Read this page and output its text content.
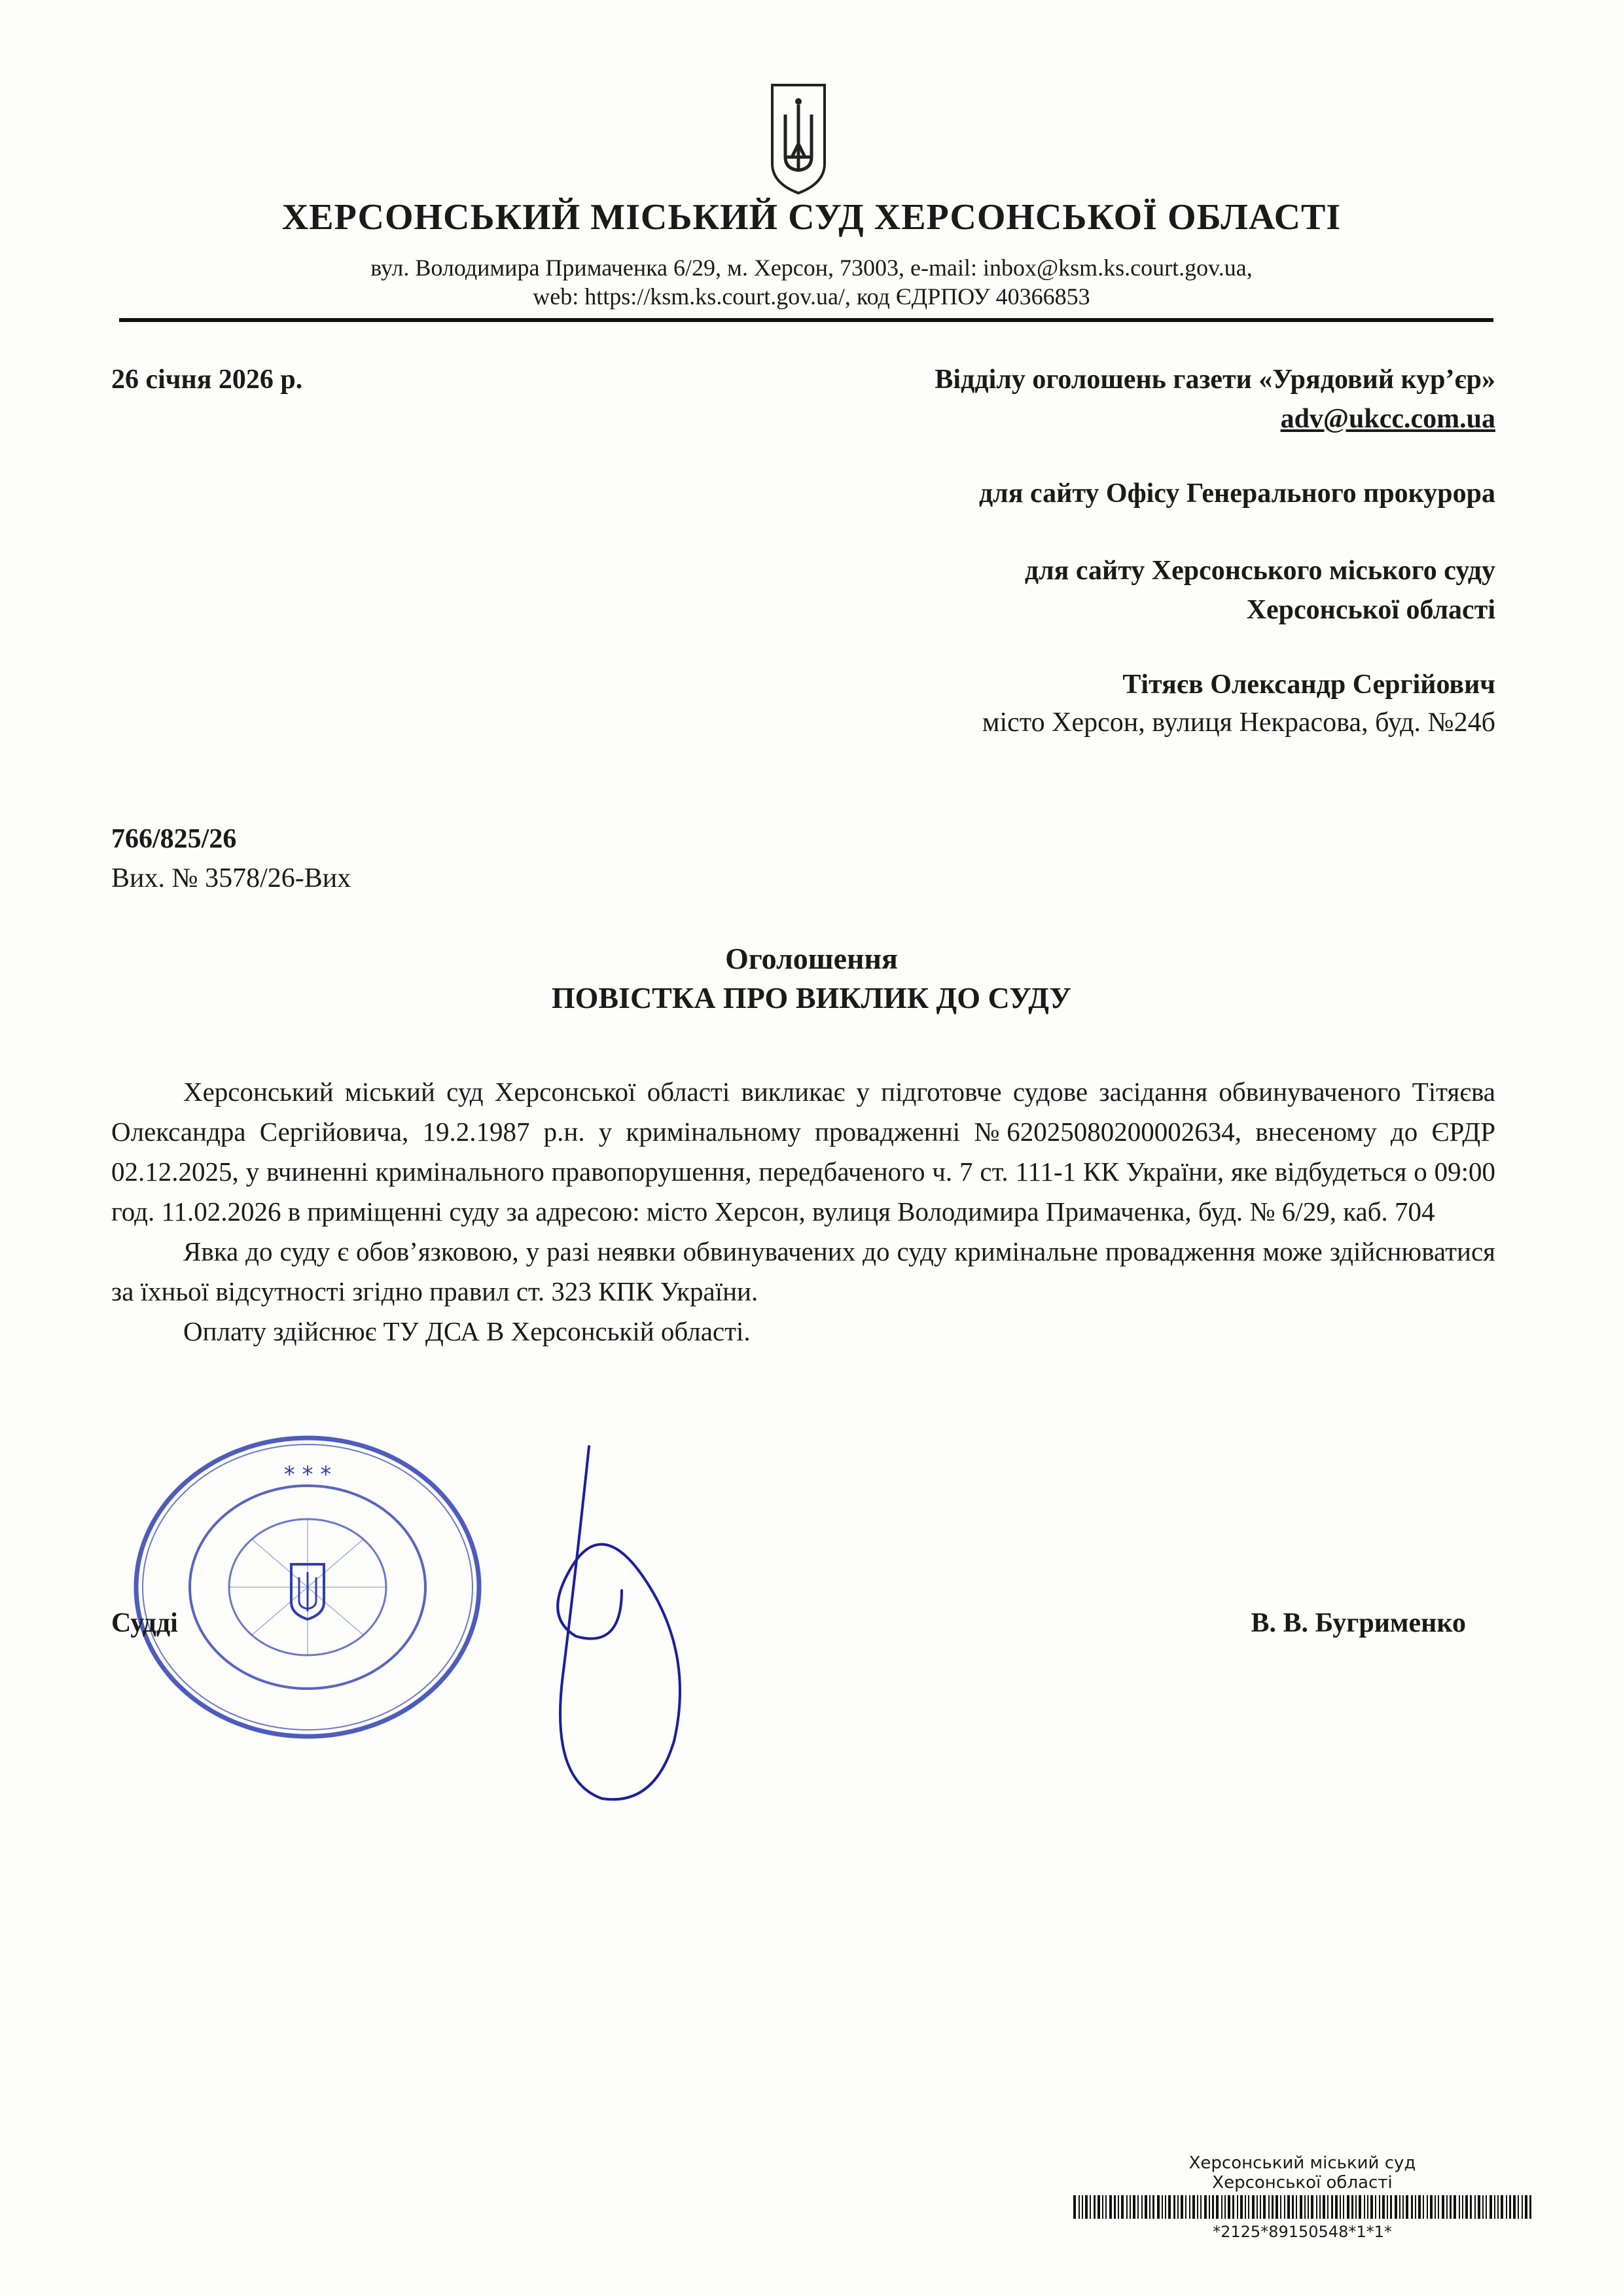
ХЕРСОНСЬКИЙ МІСЬКИЙ СУД ХЕРСОНСЬКОЇ ОБЛАСТІ
вул. Володимира Примаченка 6/29, м. Херсон, 73003, e-mail: inbox@ksm.ks.court.gov.ua,
web: https://ksm.ks.court.gov.ua/, код ЄДРПОУ 40366853
26 січня 2026 р.	Відділу оголошень газети «Урядовий кур’єр»
adv@ukcc.com.ua
для сайту Офісу Генерального прокурора
для сайту Херсонського міського суду
Херсонської області
Тітяєв Олександр Сергійович
місто Херсон, вулиця Некрасова, буд. №24б
766/825/26
Вих. № 3578/26-Вих
Оголошення
ПОВІСТКА ПРО ВИКЛИК ДО СУДУ

Херсонський міський суд Херсонської області викликає у підготовче судове засідання обвинуваченого Тітяєва Олександра Сергійовича, 19.2.1987 р.н. у кримінальному провадженні №62025080200002634, внесеному до ЄРДР 02.12.2025, у вчиненні кримінального правопорушення, передбаченого ч. 7 ст. 111-1 КК України, яке відбудеться о 09:00 год. 11.02.2026 в приміщенні суду за адресою: місто Херсон, вулиця Володимира Примаченка, буд. № 6/29, каб. 704

Явка до суду є обов’язковою, у разі неявки обвинувачених до суду кримінальне провадження може здійснюватися за їхньої відсутності згідно правил ст. 323 КПК України.

Оплату здійснює ТУ ДСА В Херсонській області.

* * *
Судді	В. В. Бугрименко
Херсонський міський суд
Херсонської області
*2125*89150548*1*1*
